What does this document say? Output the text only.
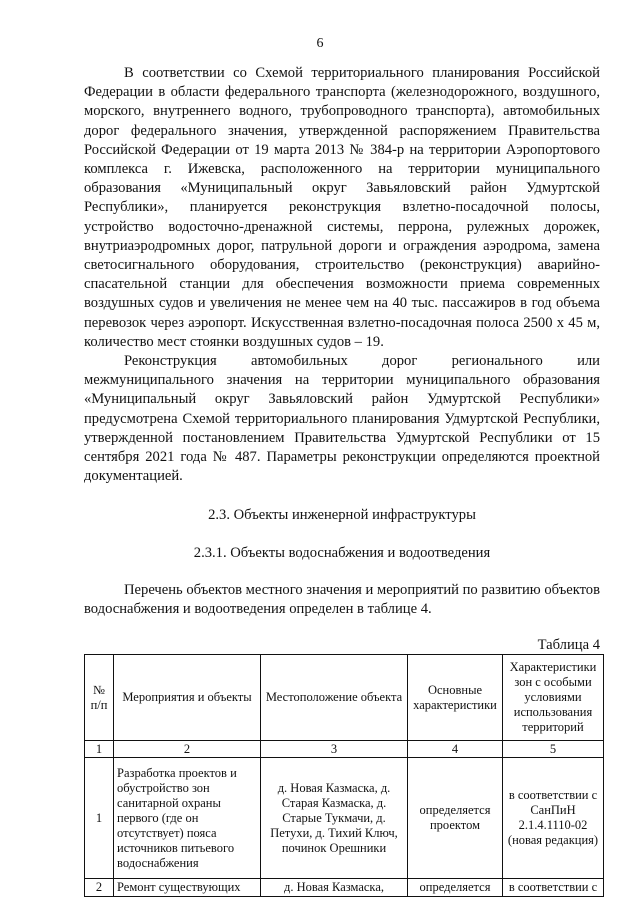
6

В соответствии со Схемой территориального планирования Российской Федерации в области федерального транспорта (железнодорожного, воздушного, морского, внутреннего водного, трубопроводного транспорта), автомобильных дорог федерального значения, утвержденной распоряжением Правительства Российской Федерации от 19 марта 2013 № 384-р на территории Аэропортового комплекса г. Ижевска, расположенного на территории муниципального образования «Муниципальный округ Завьяловский район Удмуртской Республики», планируется реконструкция взлетно-посадочной полосы, устройство водосточно-дренажной системы, перрона, рулежных дорожек, внутриаэродромных дорог, патрульной дороги и ограждения аэродрома, замена светосигнального оборудования, строительство (реконструкция) аварийно-спасательной станции для обеспечения возможности приема современных воздушных судов и увеличения не менее чем на 40 тыс. пассажиров в год объема перевозок через аэропорт. Искусственная взлетно-посадочная полоса 2500 х 45 м, количество мест стоянки воздушных судов – 19.

Реконструкция автомобильных дорог регионального или межмуниципального значения на территории муниципального образования «Муниципальный округ Завьяловский район Удмуртской Республики» предусмотрена Схемой территориального планирования Удмуртской Республики, утвержденной постановлением Правительства Удмуртской Республики от 15 сентября 2021 года № 487. Параметры реконструкции определяются проектной документацией.

2.3. Объекты инженерной инфраструктуры

2.3.1. Объекты водоснабжения и водоотведения

Перечень объектов местного значения и мероприятий по развитию объектов водоснабжения и водоотведения определен в таблице 4.

Таблица 4
№ п/п	Мероприятия и объекты	Местоположение объекта	Основные характеристики	Характеристики зон с особыми условиями использования территорий
1	2	3	4	5
1	Разработка проектов и обустройство зон санитарной охраны первого (где он отсутствует) пояса источников питьевого водоснабжения	д. Новая Казмаска, д. Старая Казмаска, д. Старые Тукмачи, д. Петухи, д. Тихий Ключ, починок Орешники	определяется проектом	в соответствии с СанПиН 2.1.4.1110-02 (новая редакция)
2	Ремонт существующих	д. Новая Казмаска,	определяется	в соответствии с
